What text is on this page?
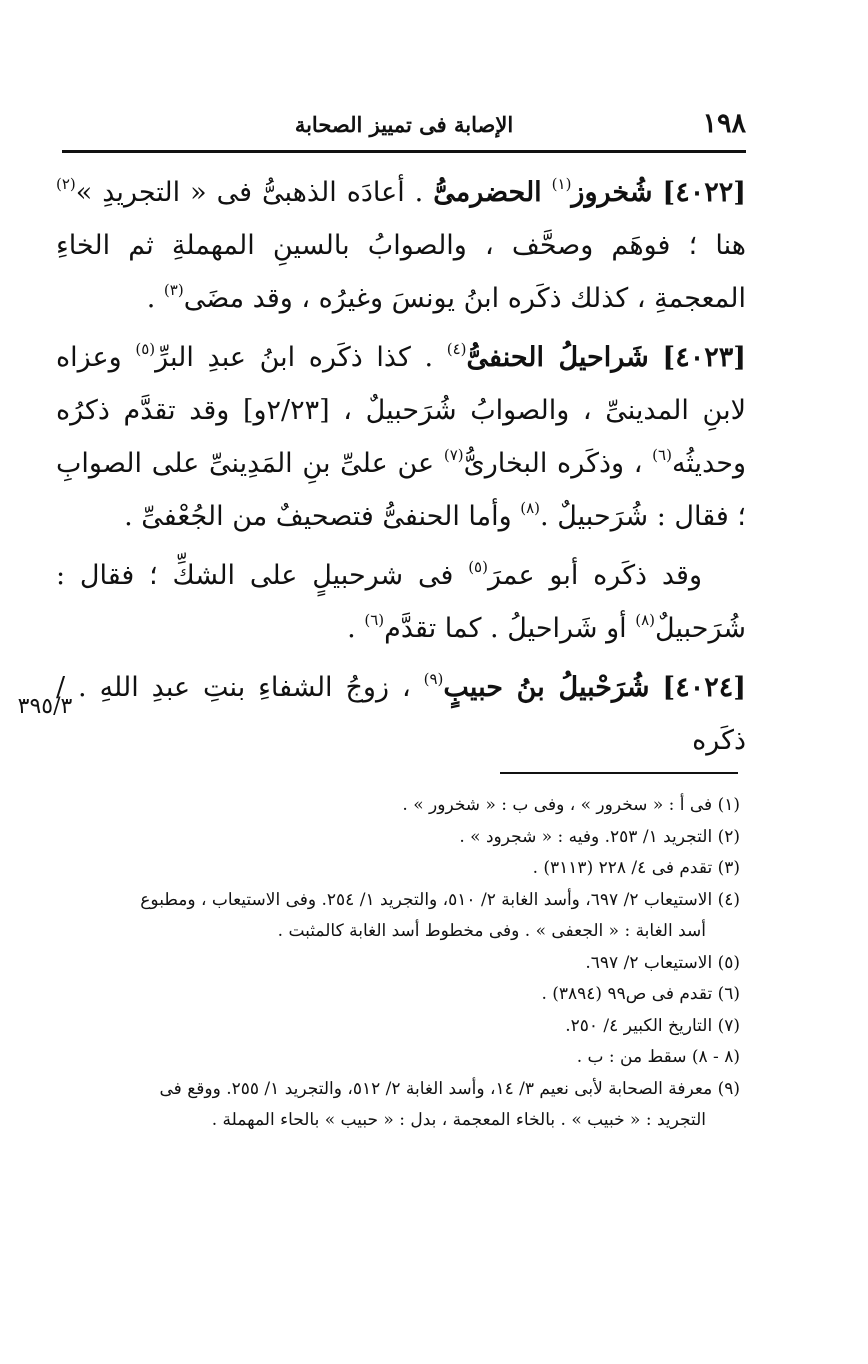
١٩٨
الإصابة فى تمييز الصحابة

[٤٠٢٢] شُخروز$^{(١)}$ الحضرمىُّ . أعادَه الذهبىُّ فى « التجريدِ »$^{(٢)}$ هنا ؛ فوهَم وصحَّف ، والصوابُ بالسينِ المهملةِ ثم الخاءِ المعجمةِ ، كذلك ذكَره ابنُ يونسَ وغيرُه ، وقد مضَى$^{(٣)}$ .

[٤٠٢٣] شَراحيلُ الحنفىُّ$^{(٤)}$ . كذا ذكَره ابنُ عبدِ البرِّ$^{(٥)}$ وعزاه لابنِ المدينىِّ ، والصوابُ شُرَحبيلٌ ، [٢/٢٣و] وقد تقدَّم ذكرُه وحديثُه$^{(٦)}$ ، وذكَره البخارىُّ$^{(٧)}$ عن علىِّ بنِ المَدِينىِّ على الصوابِ ؛ فقال : شُرَحبيلٌ .$^{(٨)}$ وأما الحنفىُّ فتصحيفٌ من الجُعْفىِّ .

وقد ذكَره أبو عمرَ$^{(٥)}$ فى شرحبيلٍ على الشكِّ ؛ فقال : شُرَحبيلٌ$^{(٨)}$ أو شَراحيلُ . كما تقدَّم$^{(٦)}$ .

[٤٠٢٤] شُرَحْبيلُ بنُ حبيبٍ$^{(٩)}$ ، زوجُ الشفاءِ بنتِ عبدِ اللهِ . /ذكَره

٣٩٥/٣

(١) فى أ : « سخرور » ، وفى ب : « شخرور » .

(٢) التجريد ١/ ٢٥٣. وفيه : « شجرود » .

(٣) تقدم فى ٤/ ٢٢٨ (٣١١٣) .

(٤) الاستيعاب ٢/ ٦٩٧، وأسد الغابة ٢/ ٥١٠، والتجريد ١/ ٢٥٤. وفى الاستيعاب ، ومطبوع

أسد الغابة : « الجعفى » . وفى مخطوط أسد الغابة كالمثبت .

(٥) الاستيعاب ٢/ ٦٩٧.

(٦) تقدم فى ص٩٩ (٣٨٩٤) .

(٧) التاريخ الكبير ٤/ ٢٥٠.

(٨ - ٨) سقط من : ب .

(٩) معرفة الصحابة لأبى نعيم ٣/ ١٤، وأسد الغابة ٢/ ٥١٢، والتجريد ١/ ٢٥٥. ووقع فى

التجريد : « خبيب » . بالخاء المعجمة ، بدل : « حبيب » بالحاء المهملة .
